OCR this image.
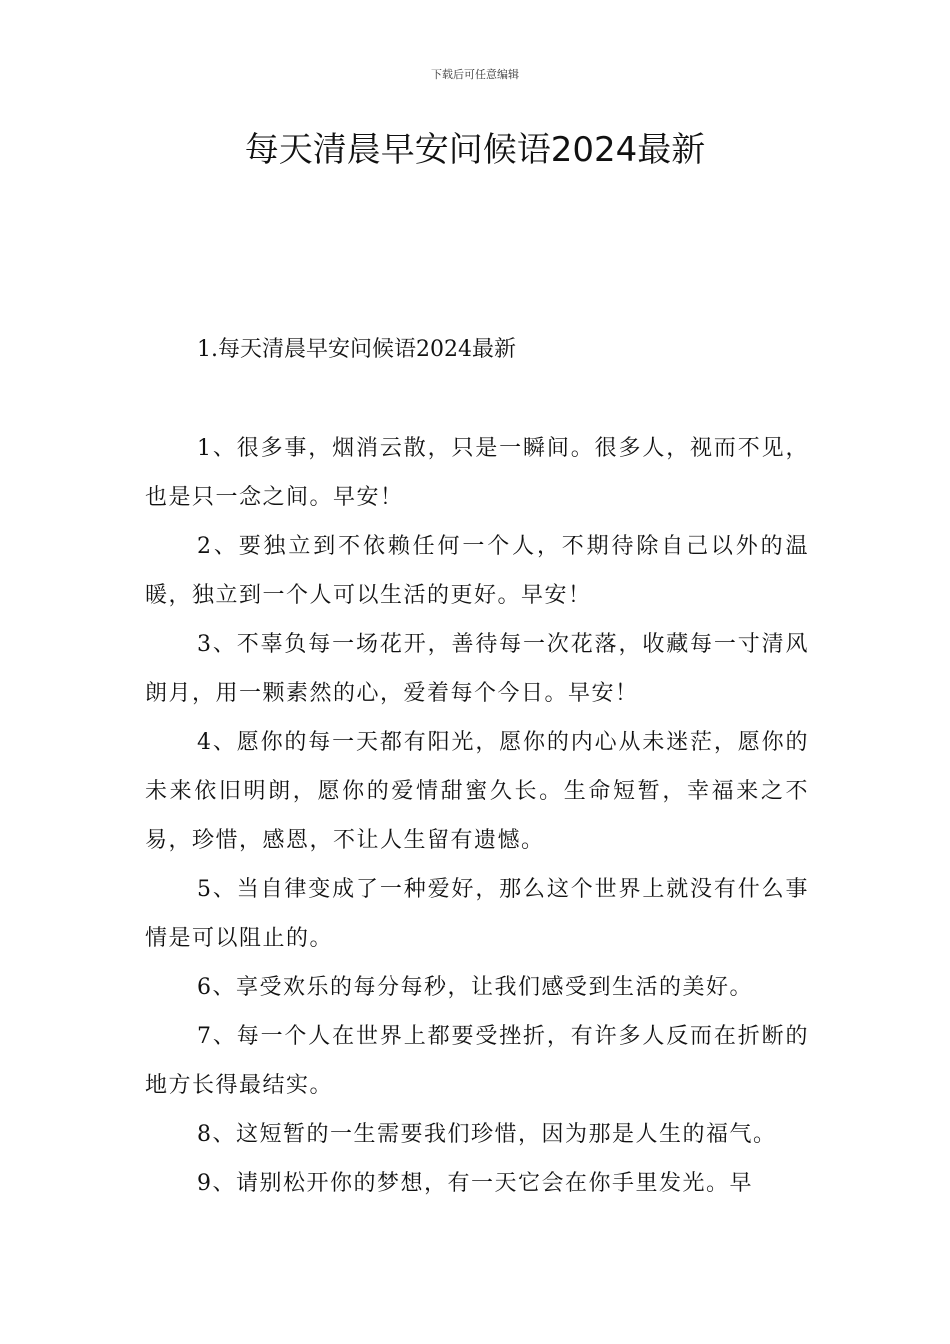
下载后可任意编辑
每天清晨早安问候语2024最新
1.每天清晨早安问候语2024最新

1、很多事，烟消云散，只是一瞬间。很多人，视而不见，也是只一念之间。早安！

2、要独立到不依赖任何一个人，不期待除自己以外的温暖，独立到一个人可以生活的更好。早安！

3、不辜负每一场花开，善待每一次花落，收藏每一寸清风朗月，用一颗素然的心，爱着每个今日。早安！

4、愿你的每一天都有阳光，愿你的内心从未迷茫，愿你的未来依旧明朗，愿你的爱情甜蜜久长。生命短暂，幸福来之不易，珍惜，感恩，不让人生留有遗憾。

5、当自律变成了一种爱好，那么这个世界上就没有什么事情是可以阻止的。

6、享受欢乐的每分每秒，让我们感受到生活的美好。

7、每一个人在世界上都要受挫折，有许多人反而在折断的地方长得最结实。

8、这短暂的一生需要我们珍惜，因为那是人生的福气。

9、请别松开你的梦想，有一天它会在你手里发光。早
